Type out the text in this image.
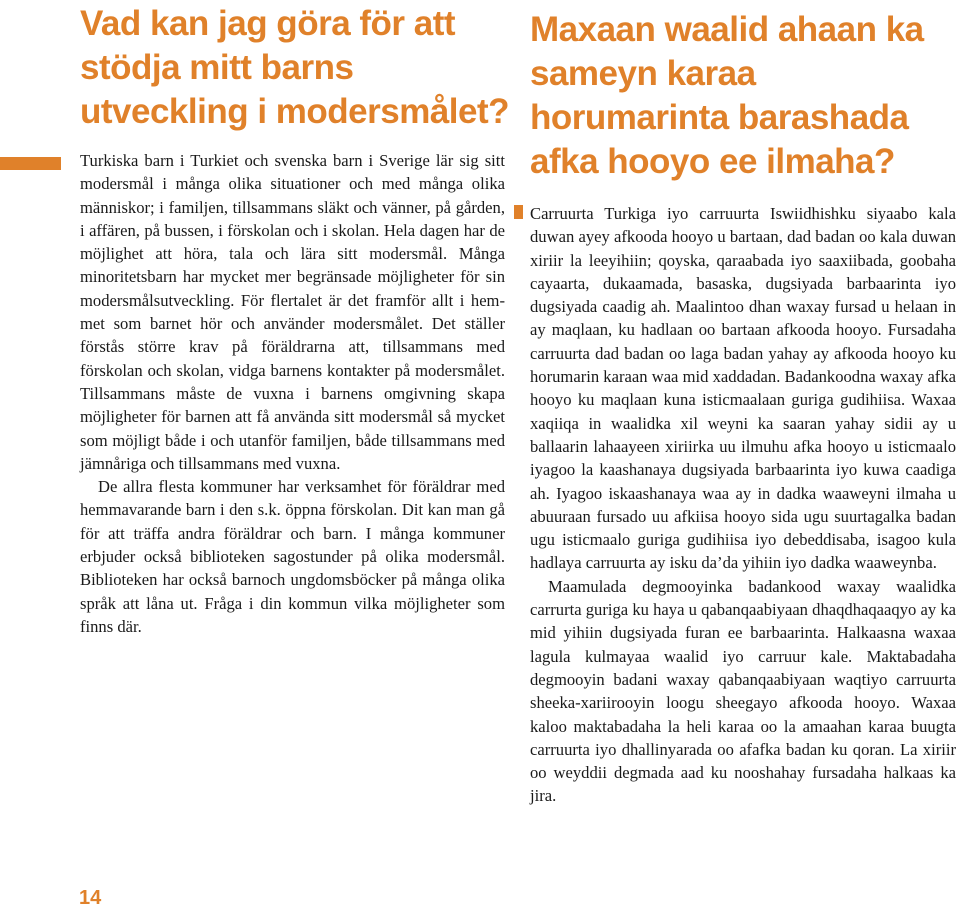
Vad kan jag göra för att stödja mitt barns utveckling i modersmålet?
Maxaan waalid ahaan ka sameyn karaa horumarinta barashada afka hooyo ee ilmaha?

Turkiska barn i Turkiet och svenska barn i Sverige lär sig sitt modersmål i många olika situationer och med många olika människor; i familjen, tillsammans släkt och vänner, på gården, i affären, på bussen, i förskolan och i skolan. Hela dagen har de möjlighet att höra, tala och lära sitt modersmål. Många minoritetsbarn har mycket mer begränsade möjligheter för sin modersmålsutveckling. För flertalet är det framför allt i hemmet som barnet hör och använder modersmålet. Det ställer förstås större krav på föräldrarna att, tillsammans med förskolan och skolan, vidga barnens kontakter på modersmålet. Tillsammans måste de vuxna i barnens omgivning skapa möjligheter för barnen att få använda sitt modersmål så mycket som möjligt både i och utanför familjen, både tillsammans med jämnåriga och tillsammans med vuxna.

De allra flesta kommuner har verksamhet för föräldrar med hemmavarande barn i den s.k. öppna förskolan. Dit kan man gå för att träffa andra föräldrar och barn. I många kommuner erbjuder också biblioteken sagostunder på olika modersmål. Biblioteken har också barnoch ungdomsböcker på många olika språk att låna ut. Fråga i din kommun vilka möjligheter som finns där.

Carruurta Turkiga iyo carruurta Iswiidhishku siyaabo kala duwan ayey afkooda hooyo u bartaan, dad badan oo kala duwan xiriir la leeyihiin; qoyska, qaraabada iyo saaxiibada, goobaha cayaarta, dukaamada, basaska, dugsiyada barbaarinta iyo dugsiyada caadig ah. Maalintoo dhan waxay fursad u helaan in ay maqlaan, ku hadlaan oo bartaan afkooda hooyo. Fursadaha carruurta dad badan oo laga badan yahay ay afkooda hooyo ku horumarin karaan waa mid xaddadan. Badankoodna waxay afka hooyo ku maqlaan kuna isticmaalaan guriga gudihiisa. Waxaa xaqiiqa in waalidka xil weyni ka saaran yahay sidii ay u ballaarin lahaayeen xiriirka uu ilmuhu afka hooyo u isticmaalo iyagoo la kaashanaya dugsiyada barbaarinta iyo kuwa caadiga ah. Iyagoo iskaashanaya waa ay in dadka waaweyni ilmaha u abuuraan fursado uu afkiisa hooyo sida ugu suurtagalka badan ugu isticmaalo guriga gudihiisa iyo debeddisaba, isagoo kula hadlaya carruurta ay isku da’da yihiin iyo dadka waaweynba.

Maamulada degmooyinka badankood waxay waalidka carrurta guriga ku haya u qabanqaabiyaan dhaqdhaqaaqyo ay ka mid yihiin dugsiyada furan ee barbaarinta. Halkaasna waxaa lagula kulmayaa waalid iyo carruur kale. Maktabadaha degmooyin badani waxay qabanqaabiyaan waqtiyo carruurta sheeka-xariirooyin loogu sheegayo afkooda hooyo. Waxaa kaloo maktabadaha la heli karaa oo la amaahan karaa buugta carruurta iyo dhallinyarada oo afafka badan ku qoran. La xiriir oo weyddii degmada aad ku nooshahay fursadaha halkaas ka jira.

14
